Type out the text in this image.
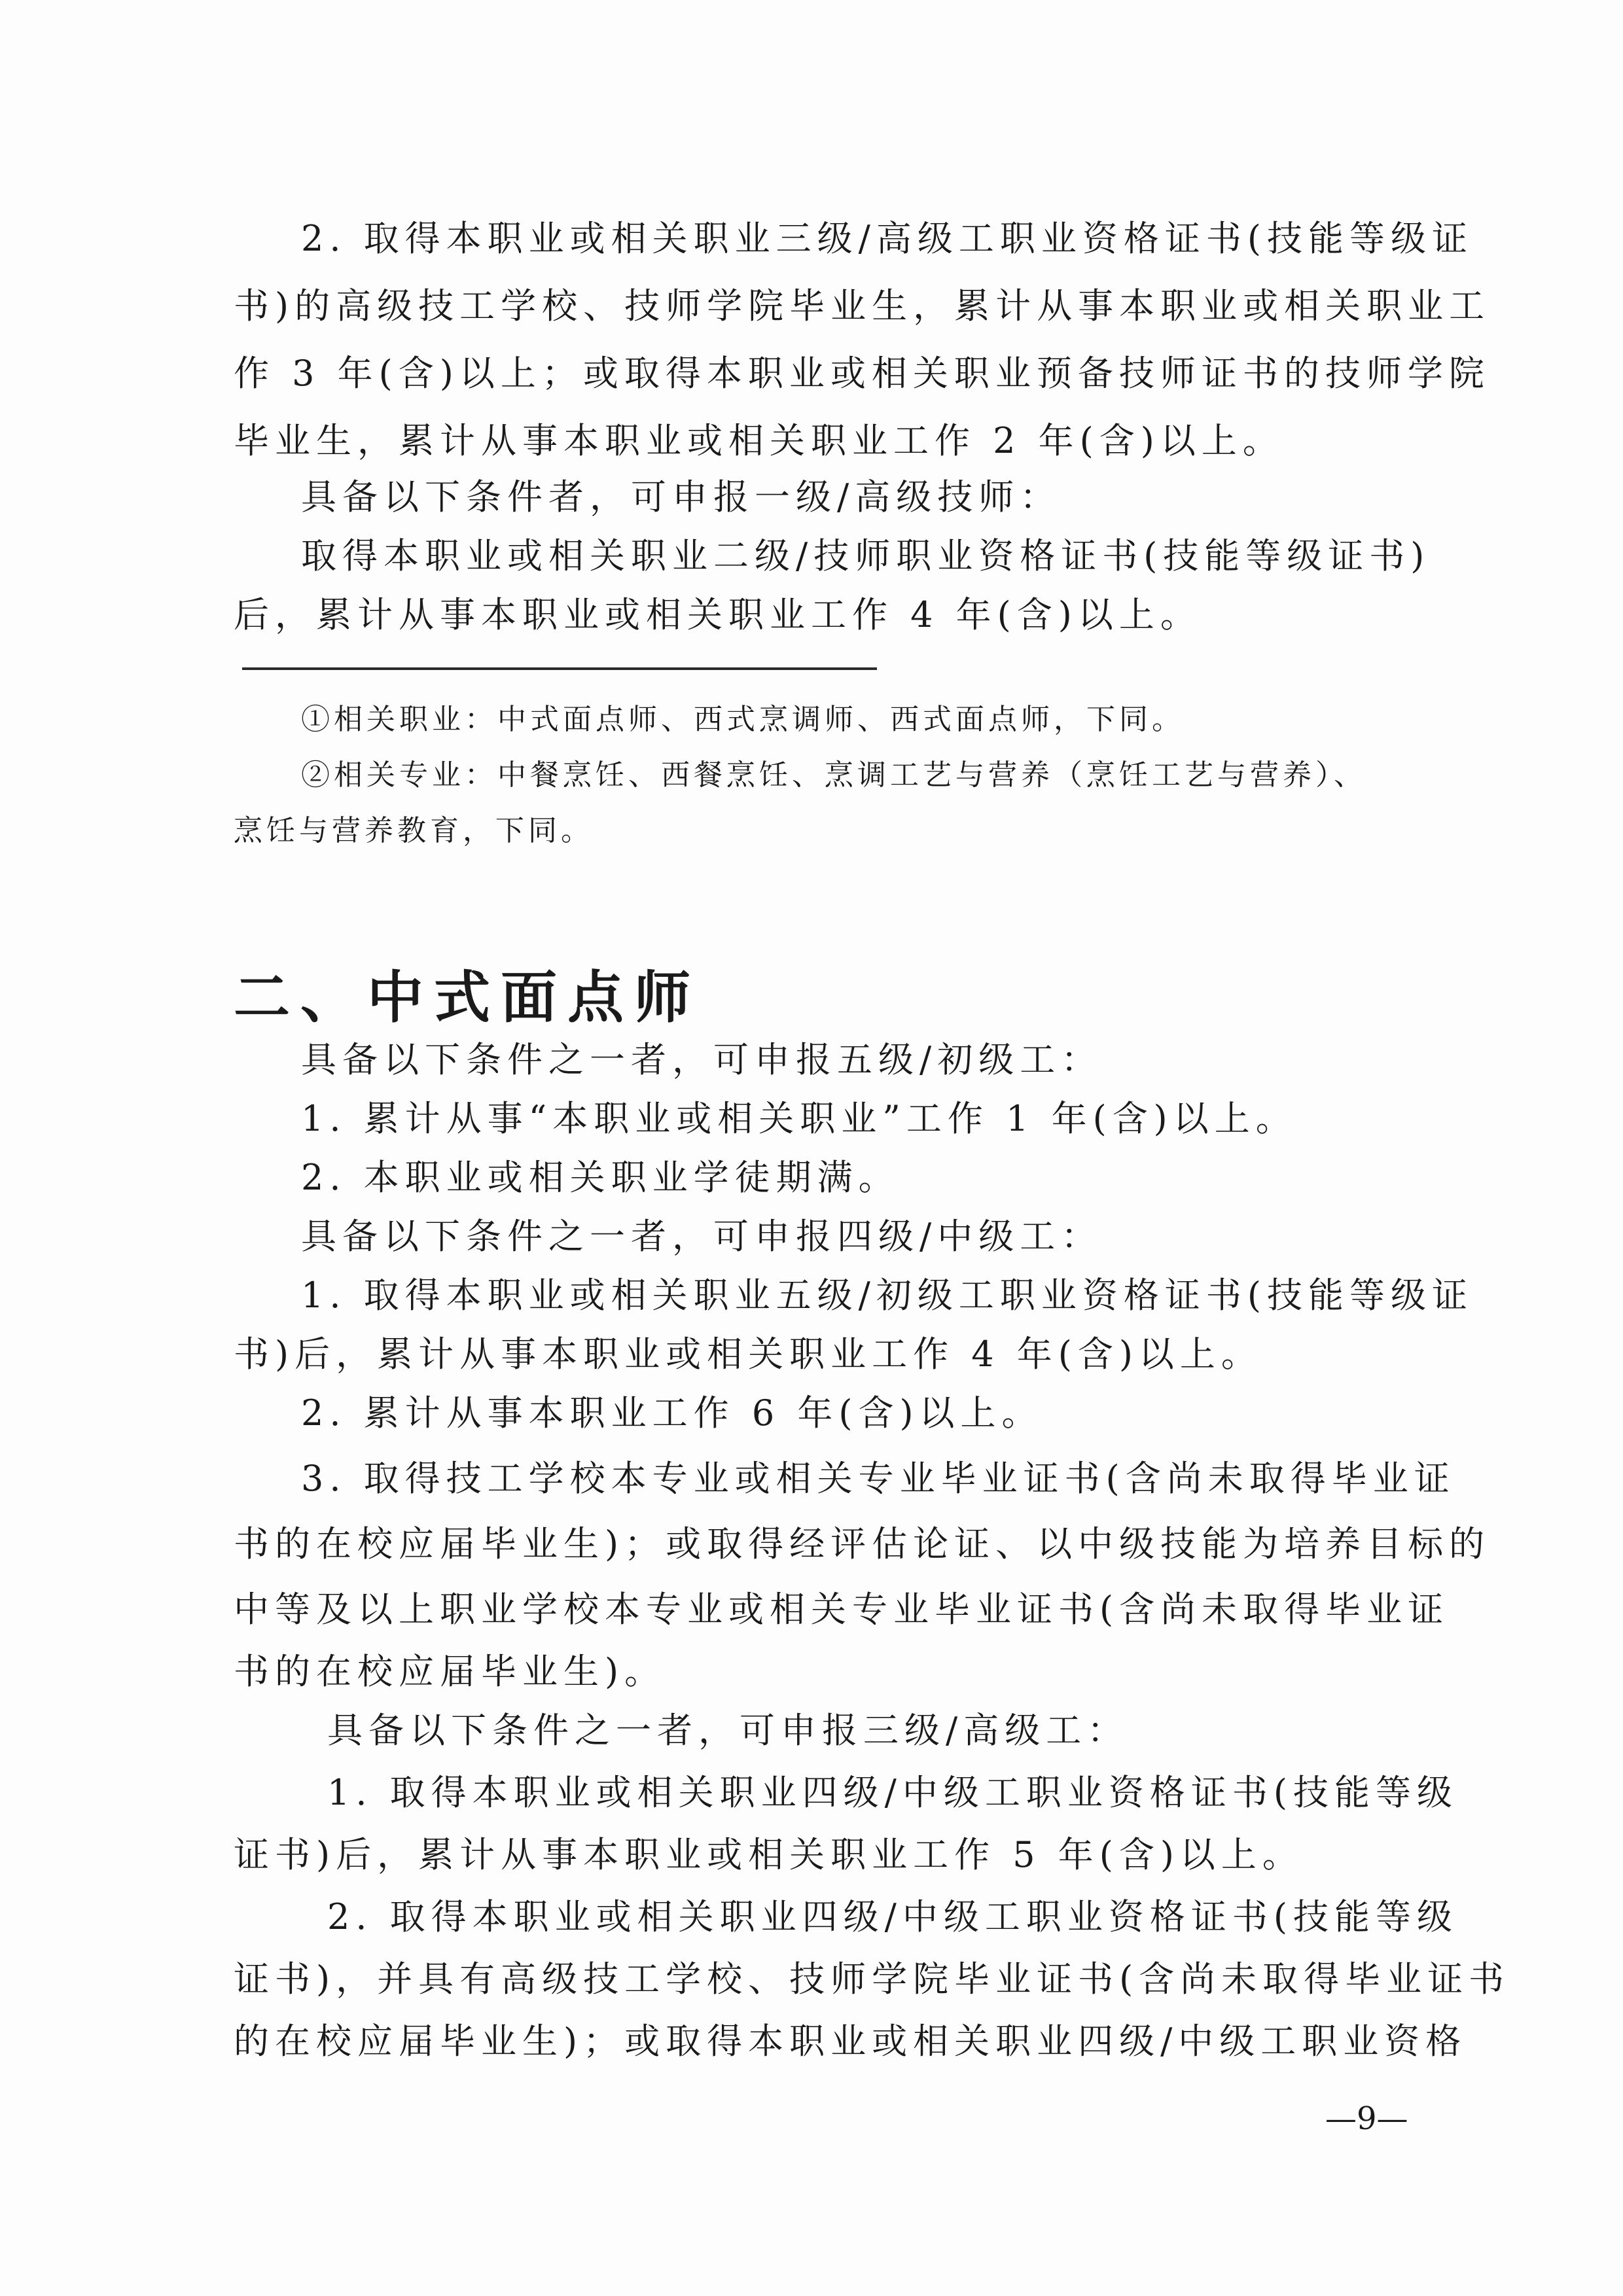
2. 取得本职业或相关职业三级/高级工职业资格证书(技能等级证
书)的高级技工学校、技师学院毕业生，累计从事本职业或相关职业工
作 3 年(含)以上；或取得本职业或相关职业预备技师证书的技师学院
毕业生，累计从事本职业或相关职业工作 2 年(含)以上。
具备以下条件者，可申报一级/高级技师：
取得本职业或相关职业二级/技师职业资格证书(技能等级证书)
后，累计从事本职业或相关职业工作 4 年(含)以上。
①相关职业：中式面点师、西式烹调师、西式面点师，下同。
②相关专业：中餐烹饪、西餐烹饪、烹调工艺与营养（烹饪工艺与营养）、
烹饪与营养教育，下同。
二、中式面点师
具备以下条件之一者，可申报五级/初级工：
1. 累计从事“本职业或相关职业”工作 1 年(含)以上。
2. 本职业或相关职业学徒期满。
具备以下条件之一者，可申报四级/中级工：
1. 取得本职业或相关职业五级/初级工职业资格证书(技能等级证
书)后，累计从事本职业或相关职业工作 4 年(含)以上。
2. 累计从事本职业工作 6 年(含)以上。
3. 取得技工学校本专业或相关专业毕业证书(含尚未取得毕业证
书的在校应届毕业生)；或取得经评估论证、以中级技能为培养目标的
中等及以上职业学校本专业或相关专业毕业证书(含尚未取得毕业证
书的在校应届毕业生)。
具备以下条件之一者，可申报三级/高级工：
1. 取得本职业或相关职业四级/中级工职业资格证书(技能等级
证书)后，累计从事本职业或相关职业工作 5 年(含)以上。
2. 取得本职业或相关职业四级/中级工职业资格证书(技能等级
证书)，并具有高级技工学校、技师学院毕业证书(含尚未取得毕业证书
的在校应届毕业生)；或取得本职业或相关职业四级/中级工职业资格
—9—
